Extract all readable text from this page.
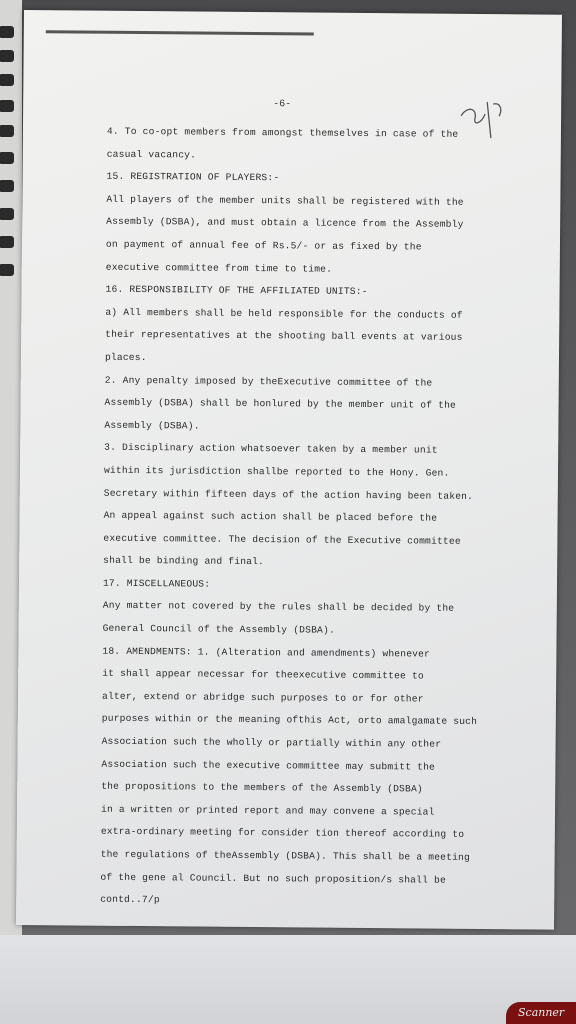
-6-
4. To co-opt members from amongst themselves in case of the
casual vacancy.
15. REGISTRATION OF PLAYERS:-
All players of the member units shall be registered with the
Assembly (DSBA), and must obtain a licence from the Assembly
on payment of annual fee of Rs.5/- or as fixed by the
executive committee from time to time.
16. RESPONSIBILITY OF THE AFFILIATED UNITS:-
a) All members shall be held responsible for the conducts of
their representatives at the shooting ball events at various
places.
2. Any penalty imposed by theExecutive committee of the
Assembly (DSBA) shall be honlured by the member unit of the
Assembly (DSBA).
3. Disciplinary action whatsoever taken by a member unit
within its jurisdiction shallbe reported to the Hony. Gen.
Secretary within fifteen days of the action having been taken.
An appeal against such action shall be placed before the
executive committee. The decision of the Executive committee
shall be binding and final.
17. MISCELLANEOUS:
Any matter not covered by the rules shall be decided by the
General Council of the Assembly (DSBA).
18. AMENDMENTS: 1. (Alteration and amendments) whenever
it shall appear necessar for theexecutive committee to
alter, extend or abridge such purposes to or for other
purposes within or the meaning ofthis Act, orto amalgamate such
Association such the wholly or partially within any other
Association such the executive committee may submitt the
the propositions to the members of the Assembly (DSBA)
in a written or printed report and may convene a special
extra-ordinary meeting for consider tion thereof according to
the regulations of theAssembly (DSBA). This shall be a meeting
of the gene al Council. But no such proposition/s shall be
contd..7/p
Scanner
